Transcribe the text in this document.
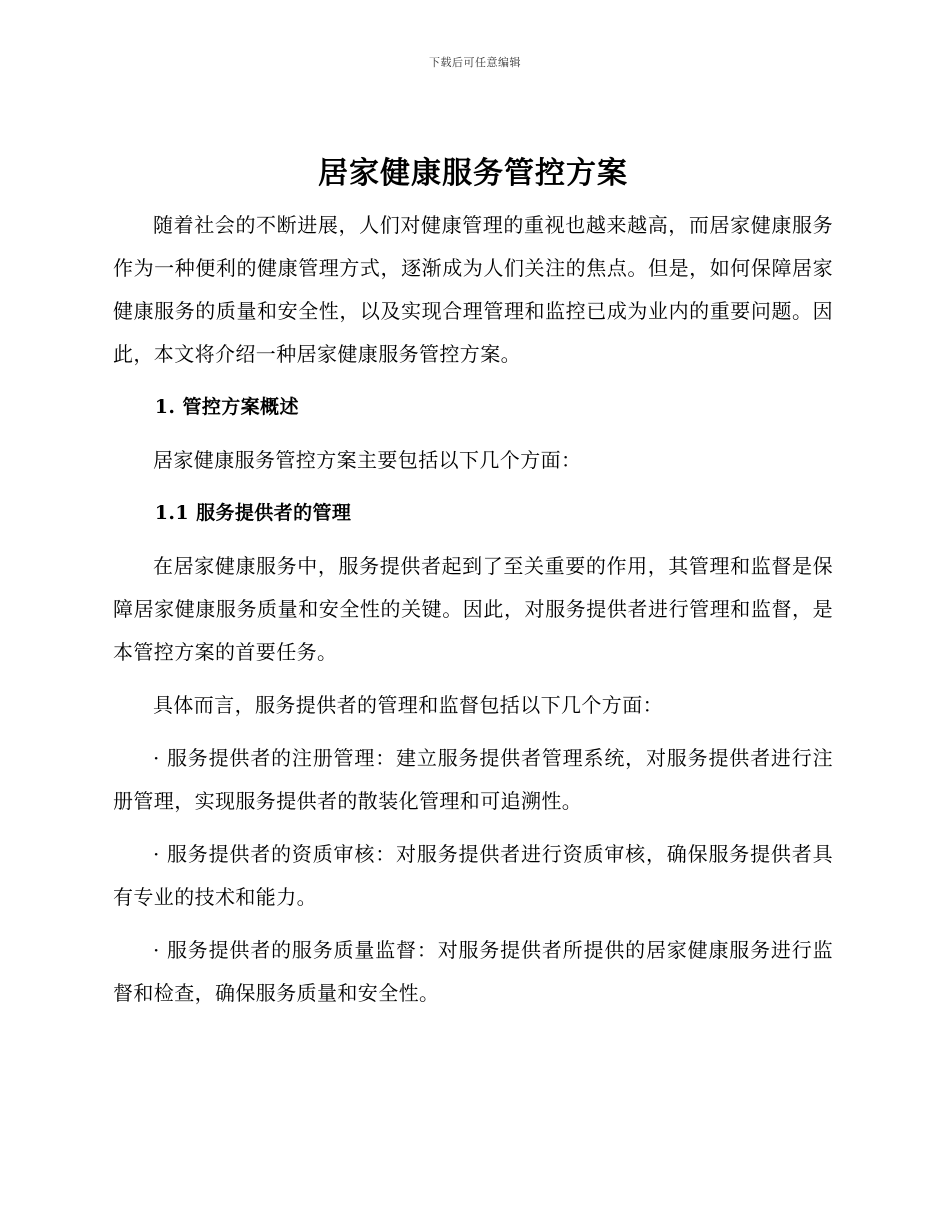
下载后可任意编辑
居家健康服务管控方案

随着社会的不断进展，人们对健康管理的重视也越来越高，而居家健康服务作为一种便利的健康管理方式，逐渐成为人们关注的焦点。但是，如何保障居家健康服务的质量和安全性，以及实现合理管理和监控已成为业内的重要问题。因此，本文将介绍一种居家健康服务管控方案。

1. 管控方案概述

居家健康服务管控方案主要包括以下几个方面：

1.1 服务提供者的管理

在居家健康服务中，服务提供者起到了至关重要的作用，其管理和监督是保障居家健康服务质量和安全性的关键。因此，对服务提供者进行管理和监督，是本管控方案的首要任务。

具体而言，服务提供者的管理和监督包括以下几个方面：

· 服务提供者的注册管理：建立服务提供者管理系统，对服务提供者进行注册管理，实现服务提供者的散装化管理和可追溯性。

· 服务提供者的资质审核：对服务提供者进行资质审核，确保服务提供者具有专业的技术和能力。

· 服务提供者的服务质量监督：对服务提供者所提供的居家健康服务进行监督和检查，确保服务质量和安全性。
